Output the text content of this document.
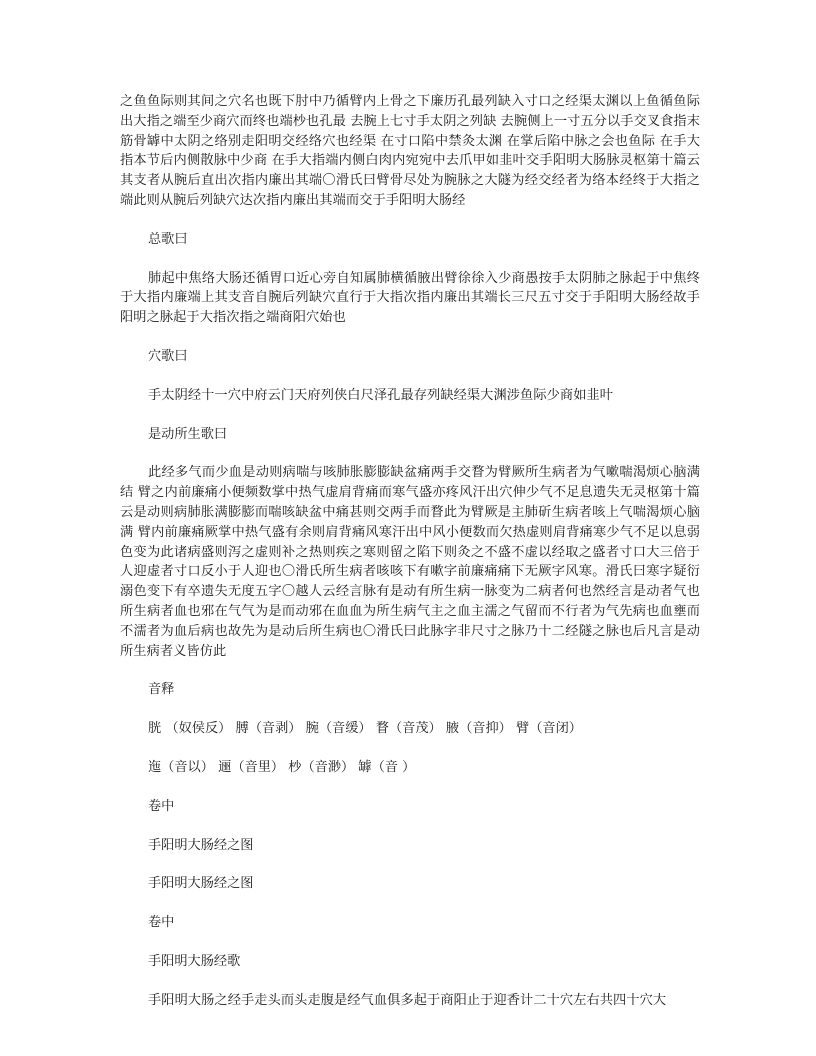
之鱼鱼际则其间之穴名也既下肘中乃循臂内上骨之下廉历孔最列缺入寸口之经渠太渊以上鱼循鱼际出大指之端至少商穴而终也端杪也孔最 去腕上七寸手太阴之列缺 去腕侧上一寸五分以手交叉食指末筋骨罅中太阴之络别走阳明交经络穴也经渠 在寸口陷中禁灸太渊 在掌后陷中脉之会也鱼际 在手大指本节后内侧散脉中少商 在手大指端内侧白肉内宛宛中去爪甲如韭叶交手阳明大肠脉灵枢第十篇云其支者从腕后直出次指内廉出其端〇滑氏曰臂骨尽处为腕脉之大隧为经交经者为络本经终于大指之端此则从腕后列缺穴达次指内廉出其端而交于手阳明大肠经

总歌曰

肺起中焦络大肠还循胃口近心旁自知属肺横循腋出臂徐徐入少商愚按手太阴肺之脉起于中焦终于大指内廉端上其支音自腕后列缺穴直行于大指次指内廉出其端长三尺五寸交于手阳明大肠经故手阳明之脉起于大指次指之端商阳穴始也

穴歌曰

手太阴经十一穴中府云门天府列侠白尺泽孔最存列缺经渠大渊涉鱼际少商如韭叶

是动所生歌曰

此经多气而少血是动则病喘与咳肺胀膨膨缺盆痛两手交瞀为臂厥所生病者为气嗽喘渴烦心脑满结 臂之内前廉痛小便频数掌中热气虚肩背痛而寒气盛亦疼风汗出穴伸少气不足息遗失无灵枢第十篇云是动则病肺胀满膨膨而喘咳缺盆中痛甚则交两手而瞀此为臂厥是主肺斫生病者咳上气喘渴烦心脑满 臂内前廉痛厥掌中热气盛有余则肩背痛风寒汗出中风小便数而欠热虚则肩背痛寒少气不足以息弱色变为此诸病盛则泻之虚则补之热则疾之寒则留之陷下则灸之不盛不虚以经取之盛者寸口大三倍于人迎虚者寸口反小于人迎也〇滑氏所生病者咳咳下有嗽字前廉痛痛下无厥字风寒。滑氏曰寒字疑衍溺色变下有卒遗失无度五字〇越人云经言脉有是动有所生病一脉变为二病者何也然经言是动者气也所生病者血也邪在气气为是而动邪在血血为所生病气主之血主濡之气留而不行者为气先病也血壅而不濡者为血后病也故先为是动后所生病也〇滑氏曰此脉字非尺寸之脉乃十二经隧之脉也后凡言是动所生病者义皆仿此

音释

胱 （奴侯反） 膊（音剥） 腕（音缓） 瞀（音茂） 腋（音抑） 臂（音闭）

迤（音以） 逦（音里） 杪（音渺） 罅（音 ）

卷中

手阳明大肠经之图

手阳明大肠经之图

卷中

手阳明大肠经歌

手阳明大肠之经手走头而头走腹是经气血俱多起于商阳止于迎香计二十穴左右共四十穴大
